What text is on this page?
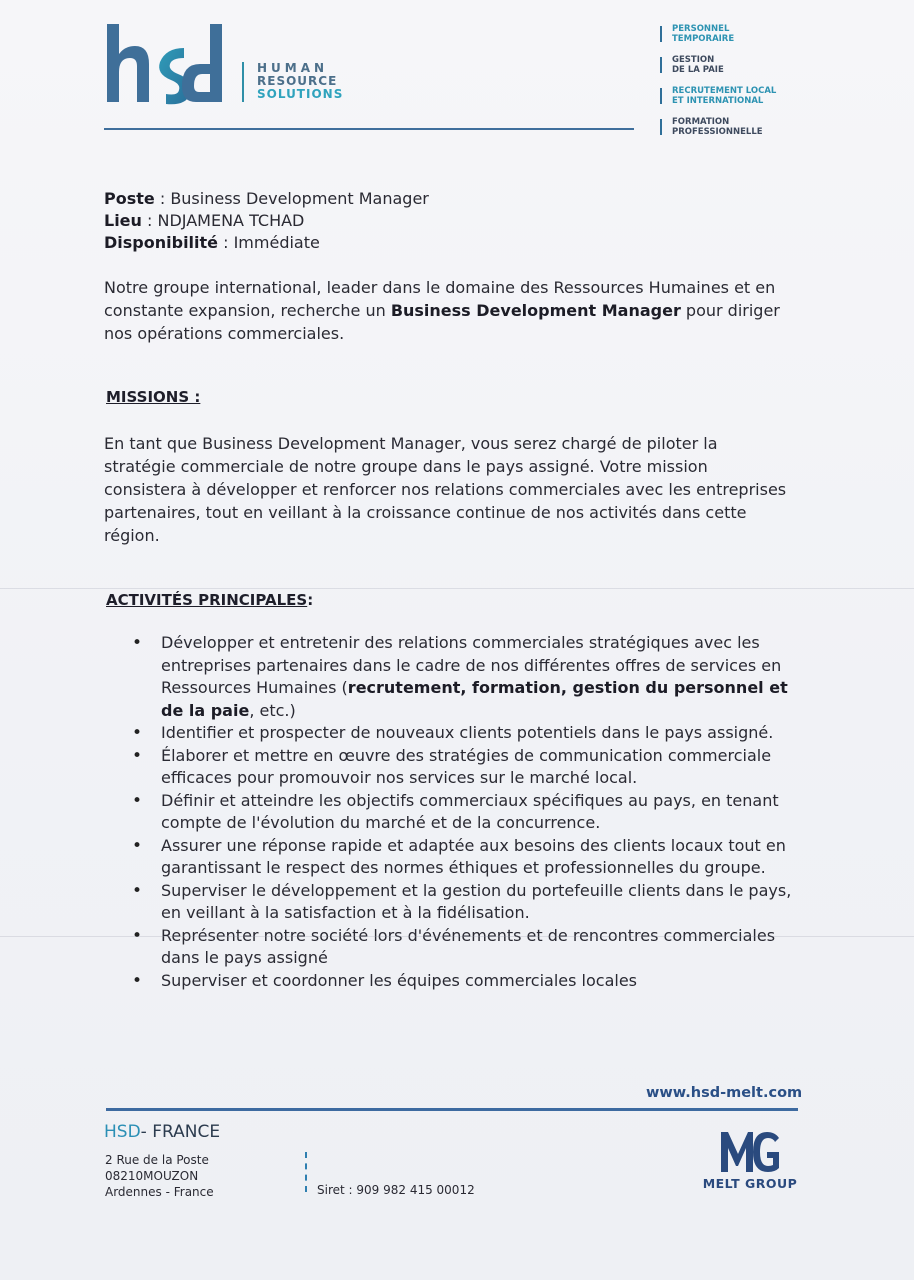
HUMAN
RESOURCE
SOLUTIONS
PERSONNEL
TEMPORAIRE
GESTION
DE LA PAIE
RECRUTEMENT LOCAL
ET INTERNATIONAL
FORMATION
PROFESSIONNELLE
Poste : Business Development Manager
Lieu : NDJAMENA TCHAD
Disponibilité : Immédiate
Notre groupe international, leader dans le domaine des Ressources Humaines et en constante expansion, recherche un Business Development Manager pour diriger nos opérations commerciales.
MISSIONS :
En tant que Business Development Manager, vous serez chargé de piloter la stratégie commerciale de notre groupe dans le pays assigné. Votre mission consistera à développer et renforcer nos relations commerciales avec les entreprises partenaires, tout en veillant à la croissance continue de nos activités dans cette région.
ACTIVITÉS PRINCIPALES:
• Développer et entretenir des relations commerciales stratégiques avec les entreprises partenaires dans le cadre de nos différentes offres de services en Ressources Humaines (recrutement, formation, gestion du personnel et de la paie, etc.)
• Identifier et prospecter de nouveaux clients potentiels dans le pays assigné.
• Élaborer et mettre en œuvre des stratégies de communication commerciale efficaces pour promouvoir nos services sur le marché local.
• Définir et atteindre les objectifs commerciaux spécifiques au pays, en tenant compte de l'évolution du marché et de la concurrence.
• Assurer une réponse rapide et adaptée aux besoins des clients locaux tout en garantissant le respect des normes éthiques et professionnelles du groupe.
• Superviser le développement et la gestion du portefeuille clients dans le pays, en veillant à la satisfaction et à la fidélisation.
• Représenter notre société lors d'événements et de rencontres commerciales dans le pays assigné
• Superviser et coordonner les équipes commerciales locales
www.hsd-melt.com
HSD- FRANCE
2 Rue de la Poste
08210MOUZON
Ardennes - France	Siret : 909 982 415 00012	MELT GROUP
